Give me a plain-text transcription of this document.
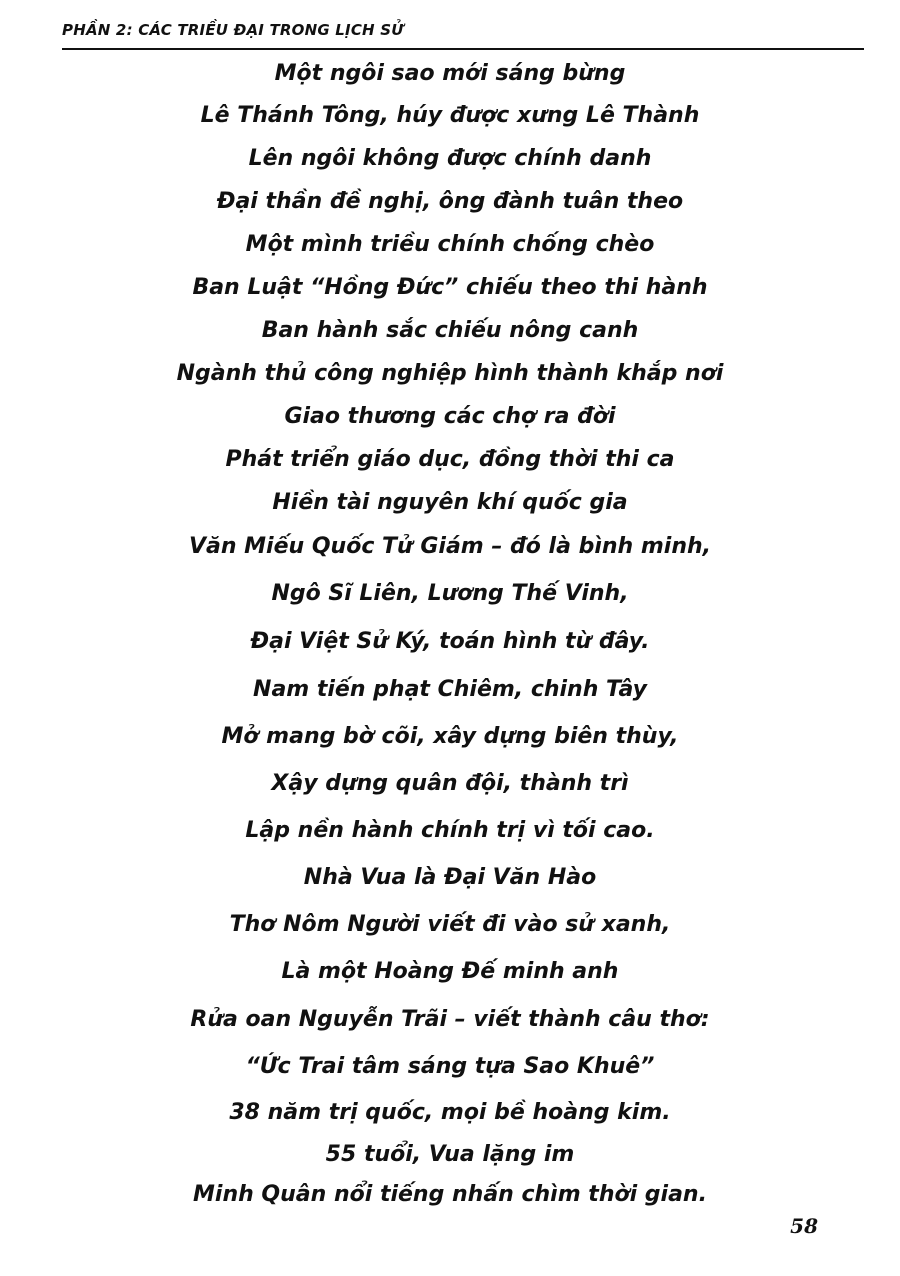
PHẦN 2: CÁC TRIỀU ĐẠI TRONG LỊCH SỬ
Một ngôi sao mới sáng bừng
Lê Thánh Tông, húy được xưng Lê Thành
Lên ngôi không được chính danh
Đại thần đề nghị, ông đành tuân theo
Một mình triều chính chống chèo
Ban Luật “Hồng Đức” chiếu theo thi hành
Ban hành sắc chiếu nông canh
Ngành thủ công nghiệp hình thành khắp nơi
Giao thương các chợ ra đời
Phát triển giáo dục, đồng thời thi ca
Hiền tài nguyên khí quốc gia
Văn Miếu Quốc Tử Giám – đó là bình minh,
Ngô Sĩ Liên, Lương Thế Vinh,
Đại Việt Sử Ký, toán hình từ đây.
Nam tiến phạt Chiêm, chinh Tây
Mở mang bờ cõi, xây dựng biên thùy,
Xậy dựng quân đội, thành trì
Lập nền hành chính trị vì tối cao.
Nhà Vua là Đại Văn Hào
Thơ Nôm Người viết đi vào sử xanh,
Là một Hoàng Đế minh anh
Rửa oan Nguyễn Trãi – viết thành câu thơ:
“Ức Trai tâm sáng tựa Sao Khuê”
38 năm trị quốc, mọi bề hoàng kim.
55 tuổi, Vua lặng im
Minh Quân nổi tiếng nhấn chìm thời gian.
58
